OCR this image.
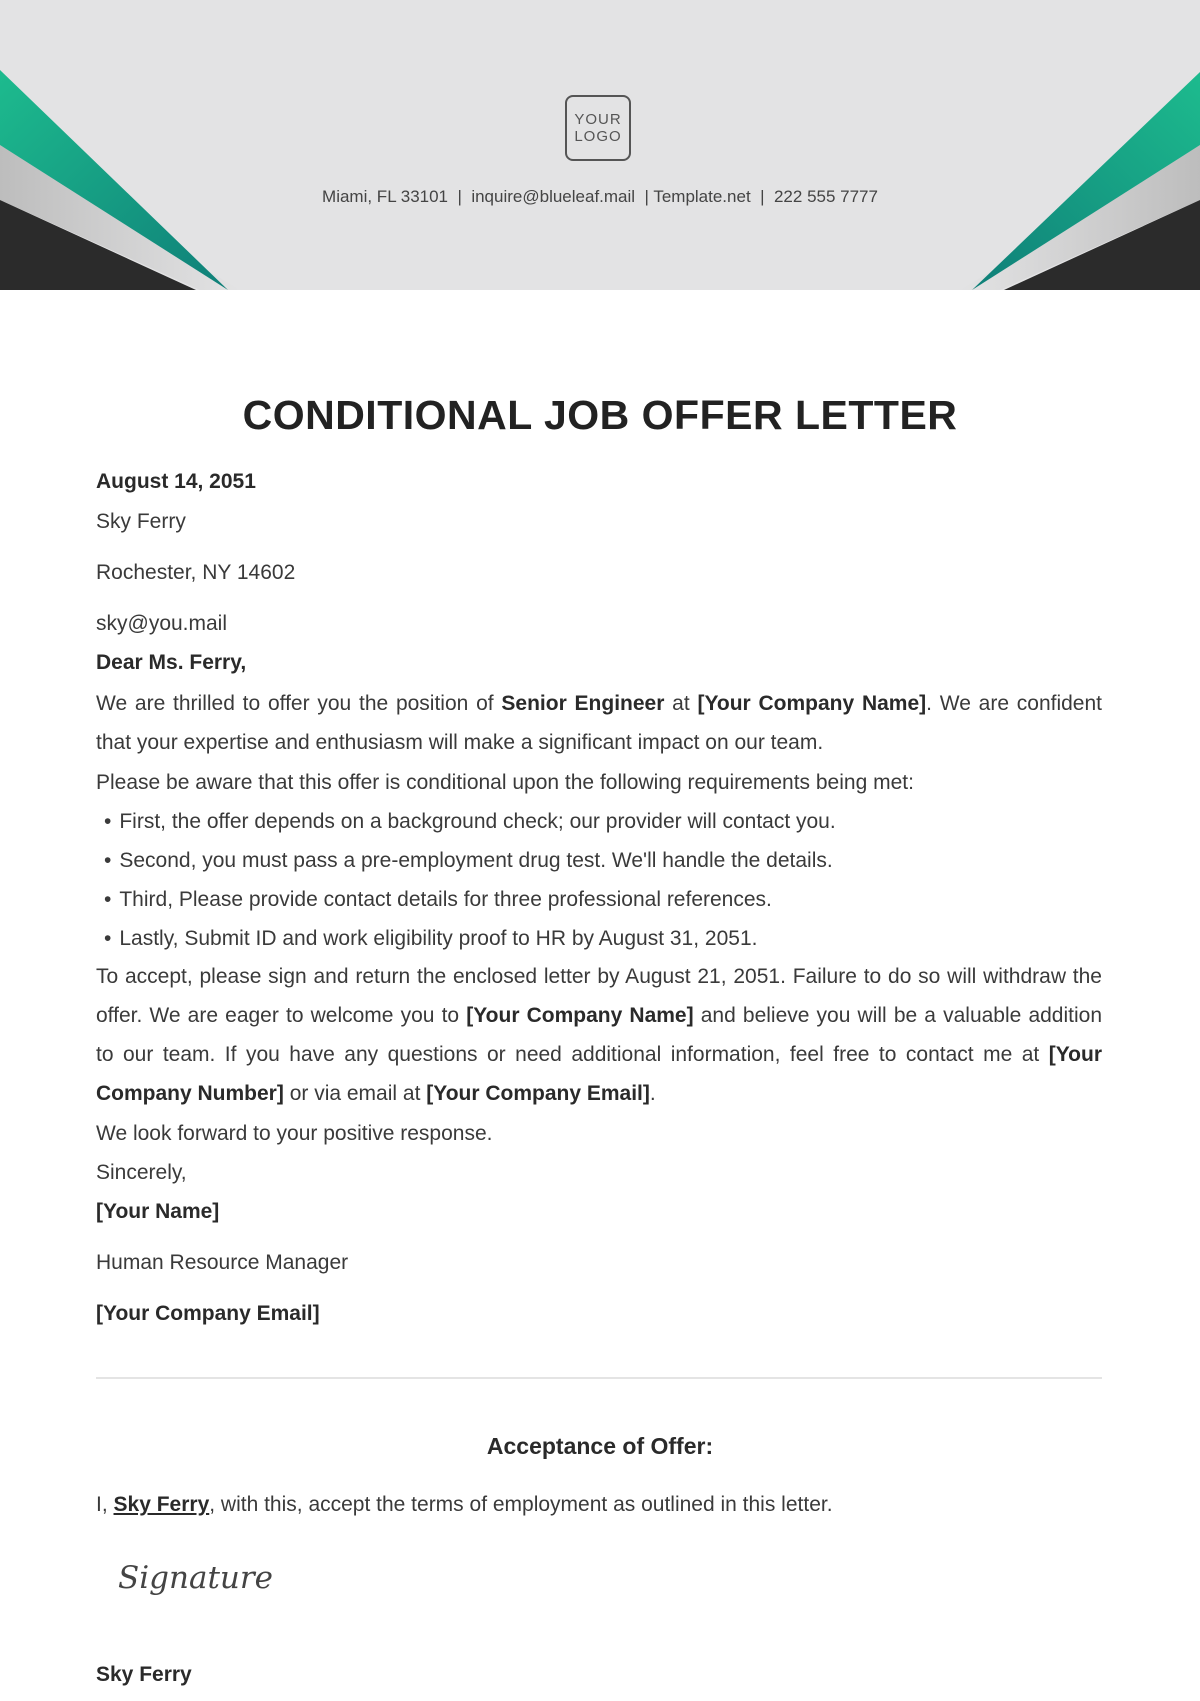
YOUR
LOGO
Miami, FL 33101  |  inquire@blueleaf.mail  | Template.net  |  222 555 7777
CONDITIONAL JOB OFFER LETTER
August 14, 2051
Sky Ferry
Rochester, NY 14602
sky@you.mail
Dear Ms. Ferry,
We are thrilled to offer you the position of Senior Engineer at [Your Company Name]. We are confident that your expertise and enthusiasm will make a significant impact on our team.
Please be aware that this offer is conditional upon the following requirements being met:
• First, the offer depends on a background check; our provider will contact you.
• Second, you must pass a pre-employment drug test. We'll handle the details.
• Third, Please provide contact details for three professional references.
• Lastly, Submit ID and work eligibility proof to HR by August 31, 2051.
To accept, please sign and return the enclosed letter by August 21, 2051. Failure to do so will withdraw the offer. We are eager to welcome you to [Your Company Name] and believe you will be a valuable addition to our team. If you have any questions or need additional information, feel free to contact me at [Your Company Number] or via email at [Your Company Email].
We look forward to your positive response.
Sincerely,
[Your Name]
Human Resource Manager
[Your Company Email]
I, Sky Ferry, with this, accept the terms of employment as outlined in this letter.
Sky Ferry
Acceptance of Offer:
Signature
